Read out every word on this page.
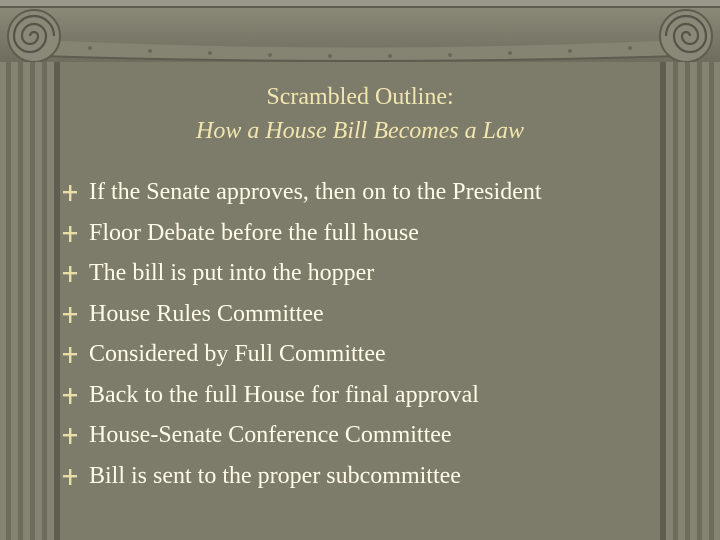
Scrambled Outline:
How a House Bill Becomes a Law
If the Senate approves, then on to the President
Floor Debate before the full house
The bill is put into the hopper
House Rules Committee
Considered by Full Committee
Back to the full House for final approval
House-Senate Conference Committee
Bill is sent to the proper subcommittee
